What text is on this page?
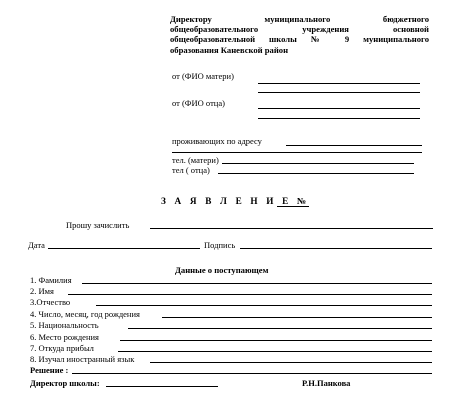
Директору муниципального бюджетного
общеобразовательного учреждения основной
общеобразовательной школы № 9 муниципального
образования Каневской район
от (ФИО матери)
от (ФИО отца)
проживающих по адресу
тел. (матери)
тел ( отца)
З А Я В Л Е Н И Е №
Прошу зачислить
Дата	Подпись
Данные о поступающем
1. Фамилия
2. Имя
3.Отчество
4. Число, месяц, год рождения
5. Национальность
6. Место рождения
7. Откуда прибыл
8. Изучал иностранный язык
Решение :
Директор школы:	Р.Н.Панкова
